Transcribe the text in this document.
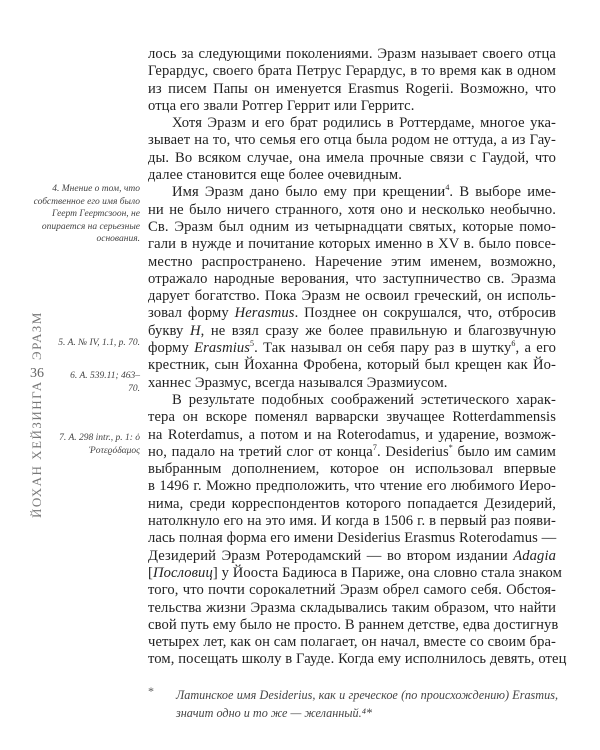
лось за следующими поколениями. Эразм называет своего отца
Герардус, своего брата Петрус Герардус, в то время как в одном
из писем Папы он именуется Erasmus Rogerii. Возможно, что
отца его звали Ротгер Геррит или Герритс.
Хотя Эразм и его брат родились в Роттердаме, многое ука-
зывает на то, что семья его отца была родом не оттуда, а из Гау-
ды. Во всяком случае, она имела прочные связи с Гаудой, что
далее становится еще более очевидным.
Имя Эразм дано было ему при крещении$^4$. В выборе име-
ни не было ничего странного, хотя оно и несколько необычно.
Св. Эразм был одним из четырнадцати святых, которые помо-
гали в нужде и почитание которых именно в XV в. было повсе-
местно распространено. Наречение этим именем, возможно,
отражало народные верования, что заступничество св. Эразма
дарует богатство. Пока Эразм не освоил греческий, он исполь-
зовал форму Herasmus. Позднее он сокрушался, что, отбросив
букву H, не взял сразу же более правильную и благозвучную
форму Erasmius$^5$. Так называл он себя пару раз в шутку$^6$, а его
крестник, сын Йоханна Фробена, который был крещен как Йо-
ханнес Эразмус, всегда назывался Эразмиусом.
В результате подобных соображений эстетического харак-
тера он вскоре поменял варварски звучащее Rotterdammensis
на Roterdamus, а потом и на Roterodamus, и ударение, возмож-
но, падало на третий слог от конца$^7$. Desiderius* было им самим
выбранным дополнением, которое он использовал впервые
в 1496 г. Можно предположить, что чтение его любимого Иеро-
нима, среди корреспондентов которого попадается Дезидерий,
натолкнуло его на это имя. И когда в 1506 г. в первый раз появи-
лась полная форма его имени Desiderius Erasmus Roterodamus —
Дезидерий Эразм Ротеродамский — во втором издании Adagia
[Пословиц] у Йооста Бадиюса в Париже, она словно стала знаком
того, что почти сорокалетний Эразм обрел самого себя. Обстоя-
тельства жизни Эразма складывались таким образом, что найти
свой путь ему было не просто. В раннем детстве, едва достигнув
четырех лет, как он сам полагает, он начал, вместе со своим бра-
том, посещать школу в Гауде. Когда ему исполнилось девять, отец
4. Мнение о том, что собственное его имя было Геерт Геертсзоон, не опирается на серьезные основания.
5. A. № IV, 1.1, p. 70.
6. A. 539.11; 463–70.
7. A. 298 intr., p. 1: ὁ Ῥοτεϱόδαμος
ЭРАЗМ
36
ЙОХАН ХЕЙЗИНГА
* Латинское имя Desiderius, как и греческое (по происхождению) Erasmus, значит одно и то же — желанный.⁴*
